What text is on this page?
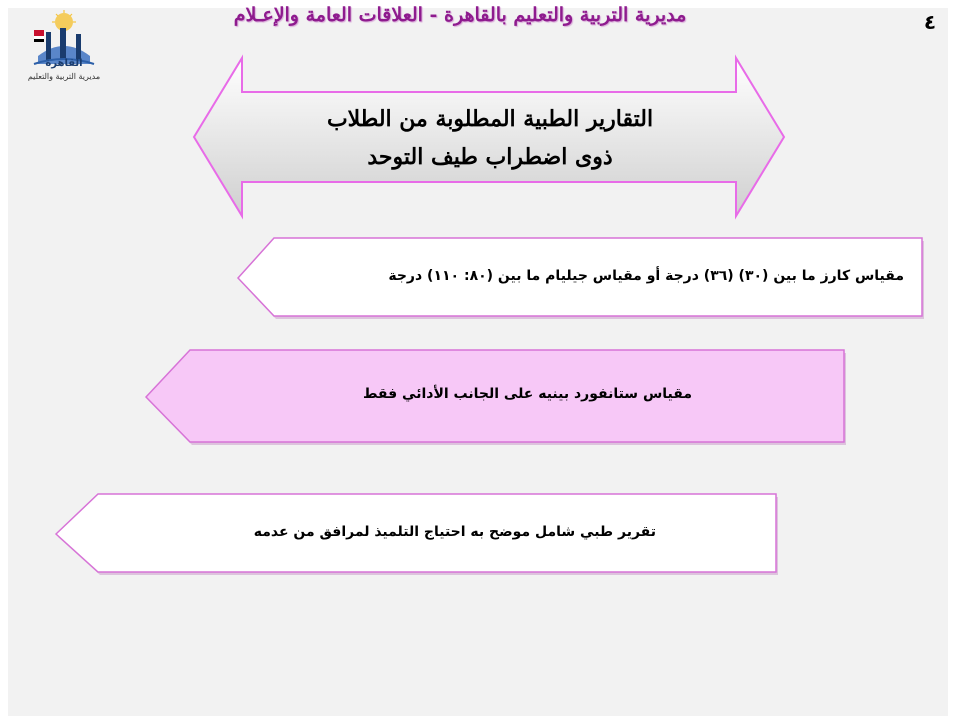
٤
مديرية التربية والتعليم بالقاهرة - العلاقات العامة والإعـلام
القاهرة
مديرية التربية والتعليم
التقارير الطبية المطلوبة من الطلاب
ذوى اضطراب طيف التوحد
مقياس كارز ما بين (٣٠) (٣٦) درجة أو مقياس جيليام ما بين (٨٠: ١١٠) درجة
مقياس ستانفورد بينيه على الجانب الأدائي فقط
تقرير طبي شامل موضح به احتياج التلميذ لمرافق من عدمه
